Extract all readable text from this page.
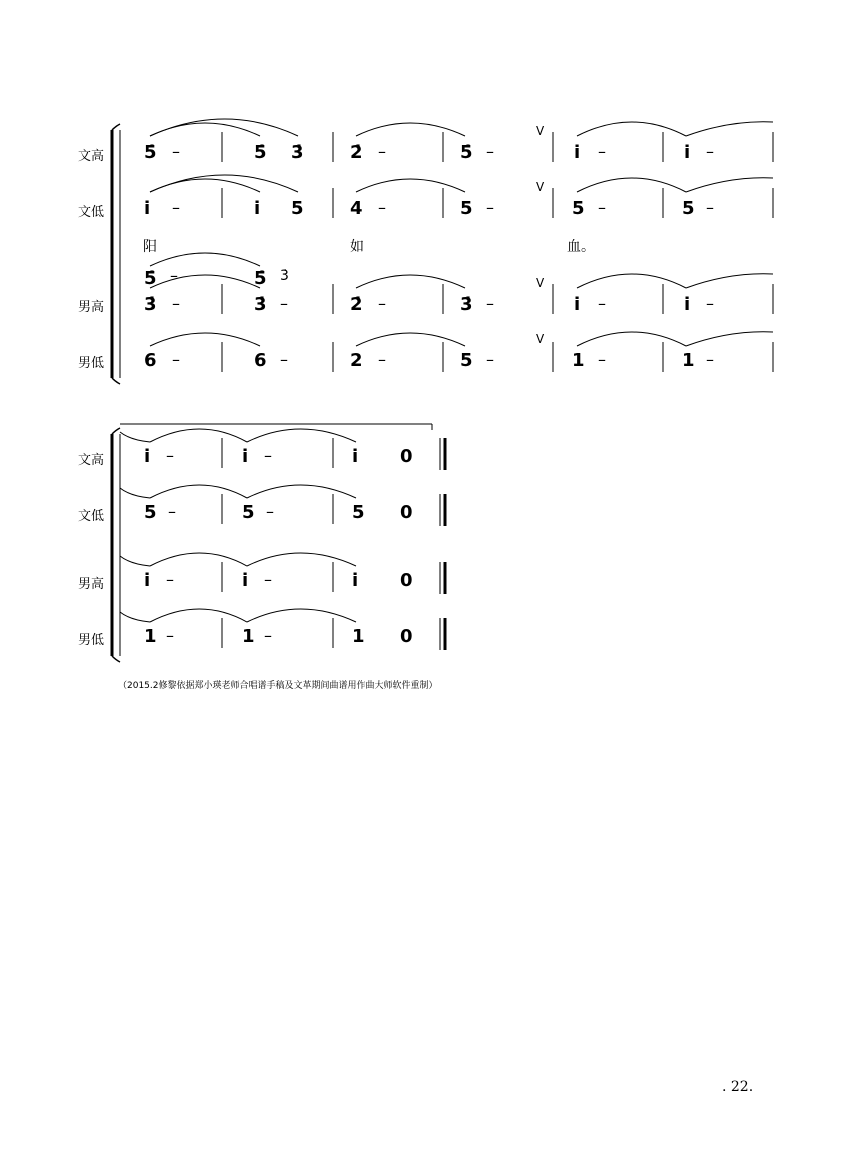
文高
文低
男高
男低
文高
文低
男高
男低
阳	如	血。
V
V
V
V
5̇ –	5̇ 3̇	2̇ –	5̇ –	i –	i –
i –	i 5	4 –	5 –	5 –	5 –
5̇ –	5̇ 3̇
3̇ –	3̇ –	2̇ –	3̇ –	i –	i –
6 –	6 –	2 –	5 –	1 –	1 –
i –	i –	i 0
5 –	5 –	5 0
i –	i –	i 0
1 –	1 –	1 0
（2015.2修黎依据郑小瑛老师合唱谱手稿及文革期间曲谱用作曲大师软件重制）
. 22.
